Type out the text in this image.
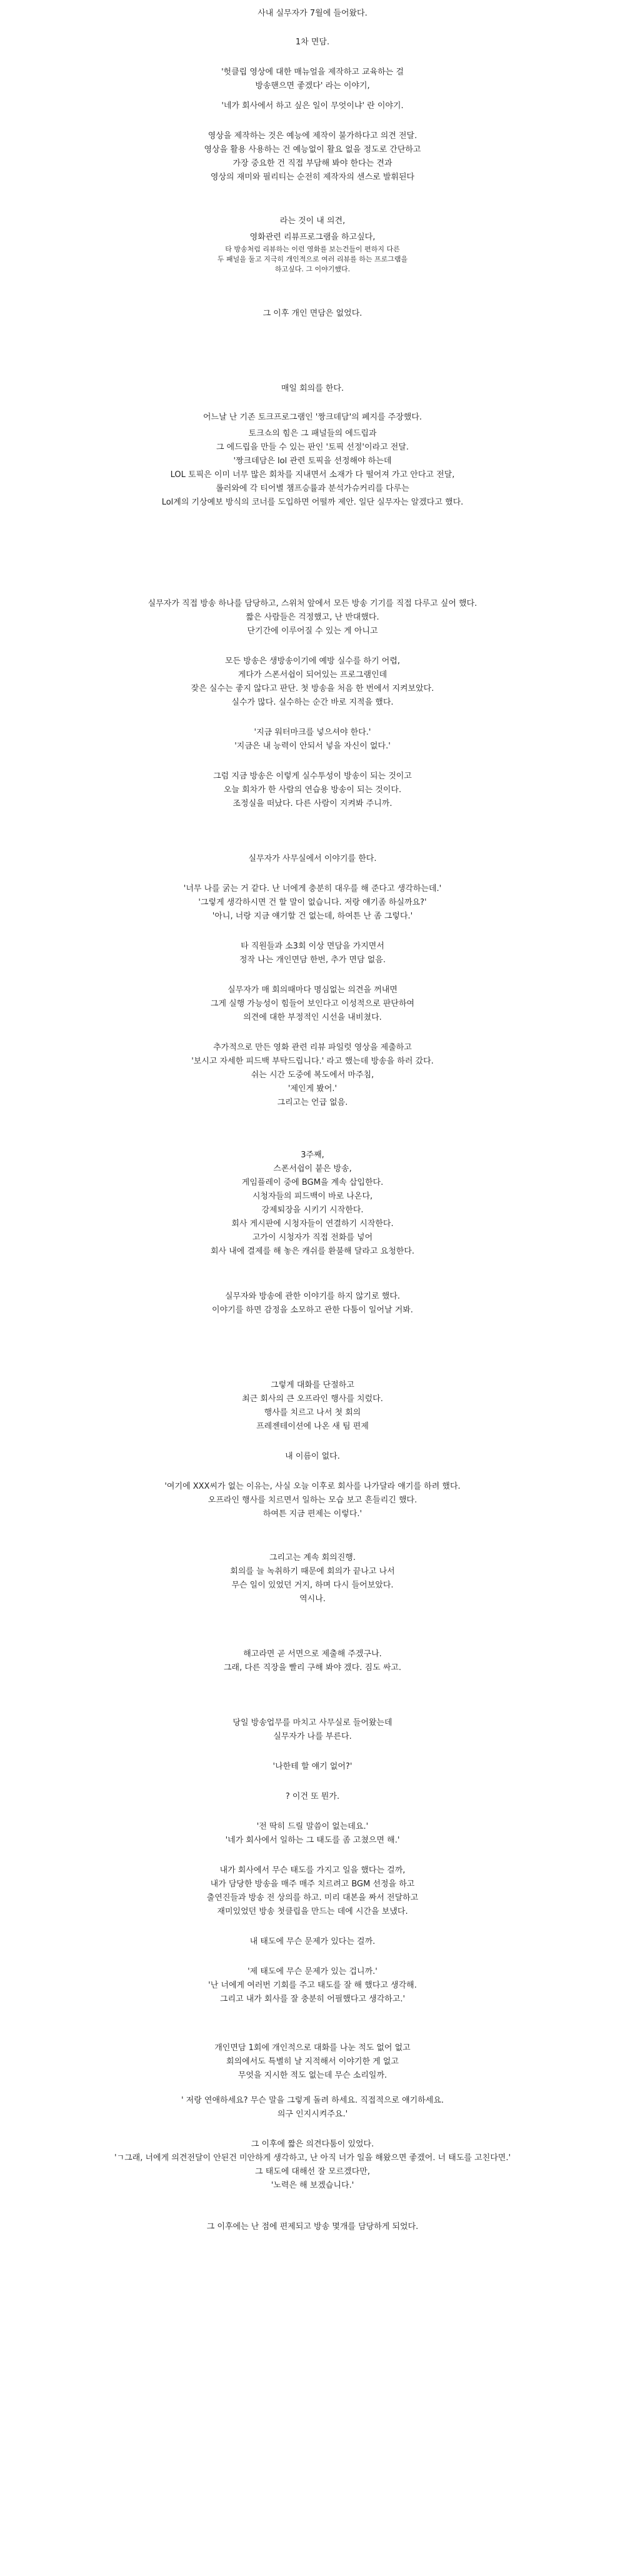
사내 실무자가 7월에 들어왔다.
1차 면담.
'헛클립 영상에 대한 매뉴얼을 제작하고 교육하는 걸
방송핸으면 좋겠다' 라는 이야기,
'네가 회사에서 하고 싶은 일이 무엇이냐' 란 이야기.
영상을 제작하는 것은 예능에 제작이 불가하다고 의견 전달.
영상을 활용 사용하는 건 예능없이 활요 없을 정도로 간단하고
가장 중요한 건 직접 부담해 봐야 한다는 견과
영상의 재미와 필리티는 순전히 제작자의 센스로 발휘된다
라는 것이 내 의견,
영화관련 리뷰프로그램을 하고싶다,
타 방송처럼 리뷰하는 이런 영화를 보는건들이 편하지 다른
두 패널을 둘고 지극히 개인적으로 여러 리뷰를 하는 프로그램을
하고싶다. 그 이야기했다.
그 이후 개인 면담은 없었다.
매일 회의를 한다.
어느날 난 기존 토크프로그램인 '짱크데담'의 폐지를 주장했다.
토크쇼의 힘은 그 패널들의 에드립과
그 에드립을 만들 수 있는 판인 '토픽 선정'이라고 전달.
'짱크데담은 lol 관련 토픽을 선정해야 하는데
LOL 토픽은 이미 너무 많은 회차를 지내면서 소재가 다 떨어져 가고 안다고 전달,
롤러와에 각 티어별 챔프승률과 분석가슈커리를 다루는
Lol계의 기상예보 방식의 코너를 도입하면 어떨까 제안. 일단 실무자는 알겠다고 했다.
실무자가 직접 방송 하나를 담당하고, 스위처 앞에서 모든 방송 기기를 직접 다루고 싶어 했다.
짧은 사람들은 걱정했고, 난 반대했다.
단기간에 이루어질 수 있는 게 아니고
모든 방송은 생방송이기에 예방 실수를 하기 어렵,
게다가 스폰서쉽이 되어있는 프로그램인데
잦은 실수는 좋지 않다고 판단. 첫 방송을 처음 한 번에서 지켜보았다.
실수가 많다. 실수하는 순간 바로 지적을 했다.
'지금 워터마크를 넣으셔야 한다.'
'지금은 내 능력이 안되서 넣을 자신이 없다.'
그럼 지금 방송은 이렇게 실수투성이 방송이 되는 것이고
오늘 회차가 한 사람의 연습용 방송이 되는 것이다.
조정실을 떠났다. 다른 사람이 지켜봐 주니까.
실무자가 사무실에서 이야기를 한다.
'너무 나를 굵는 거 같다. 난 너에게 충분히 대우를 해 준다고 생각하는데.'
'그렇게 생각하시면 건 할 말이 없습니다. 저랑 얘기좀 하실까요?'
'아니, 너랑 지금 얘기할 건 없는데, 하여튼 난 좀 그렇다.'
타 직원들과 소3회 이상 면담을 가지면서
정작 나는 개인면담 한번, 추가 면담 없음.
실무자가 매 회의때마다 명심없는 의견을 꺼내면
그게 실행 가능성이 힘들어 보인다고 이성적으로 판단하여
의견에 대한 부정적인 시선을 내비쳤다.
추가적으로 만든 영화 관련 리뷰 파일럿 영상을 제출하고
'보시고 자세한 피드백 부탁드립니다.' 라고 했는데 방송을 하러 갔다.
쉬는 시간 도중에 복도에서 마주침,
'제인게 봤어.'
그리고는 언급 없음.
3주째,
스폰서쉽이 붙은 방송,
게임플레이 중에 BGM을 계속 삽입한다.
시청자들의 피드백이 바로 나온다,
강제퇴장을 시키기 시작한다.
회사 게시판에 시청자들이 연결하기 시작한다.
고가이 시청자가 직접 전화를 넣어
회사 내에 결제를 해 놓은 캐쉬를 환불해 달라고 요청한다.
실무자와 방송에 관한 이야기를 하지 않기로 했다.
이야기를 하면 감정을 소모하고 관한 다툼이 일어날 거봐.
그렇게 대화를 단절하고
최근 회사의 큰 오프라인 행사를 치렀다.
행사를 치르고 나서 첫 회의
프레젠테이션에 나온 새 팀 편제
내 이름이 없다.
'여기에 XXX씨가 없는 이유는, 사실 오늘 이후로 회사를 나가달라 얘기를 하려 했다.
오프라인 행사를 치르면서 일하는 모습 보고 흔들리긴 했다.
하여튼 지금 편제는 이렇다.'
그리고는 계속 회의진행.
회의를 늘 녹취하기 때문에 회의가 끝나고 나서
무슨 일이 있었던 거지, 하며 다시 들어보았다.
역시나.
해고라면 곧 서면으로 제출해 주겠구나.
그래, 다른 직장을 빨리 구해 봐야 겠다. 짐도 싸고.
당일 방송업무를 마치고 사무실로 들어왔는데
실무자가 나를 부른다.
'나한테 할 얘기 없어?'
? 이건 또 뭔가.
'전 딱히 드릴 말씀이 없는데요.'
'네가 회사에서 일하는 그 태도를 좀 고쳤으면 해.'
내가 회사에서 무슨 태도를 가지고 일을 했다는 걸까,
내가 담당한 방송을 매주 매주 치르려고 BGM 선정을 하고
출연진들과 방송 전 상의를 하고. 미리 대본을 짜서 전달하고
재미있었던 방송 첫클립을 만드는 데에 시간을 보냈다.
내 태도에 무슨 문제가 있다는 걸까.
'제 태도에 무슨 문제가 있는 겁니까.'
'난 너에게 여러번 기회를 주고 태도를 잘 해 했다고 생각해.
그리고 내가 회사를 잘 충분히 어필했다고 생각하고.'
개인면담 1회에 개인적으로 대화를 나눈 적도 없어 없고
회의에서도 특별히 날 지적해서 이야기한 게 없고
무엇을 지시한 적도 없는데 무슨 소리일까.
' 저랑 연애하세요? 무슨 말을 그렇게 돌려 하세요. 직접적으로 얘기하세요.
의구 인지시켜주요.'
그 이후에 짧은 의견다툼이 있었다.
'ㄱ그래, 너에게 의견전달이 안된건 미안하게 생각하고, 난 아직 너가 일을 해왔으면 좋겠어. 너 태도를 고친다면.'
그 태도에 대해선 잘 모르겠다만,
'노력은 해 보겠습니다.'
그 이후에는 난 점에 편제되고 방송 몇개를 담당하게 되었다.
